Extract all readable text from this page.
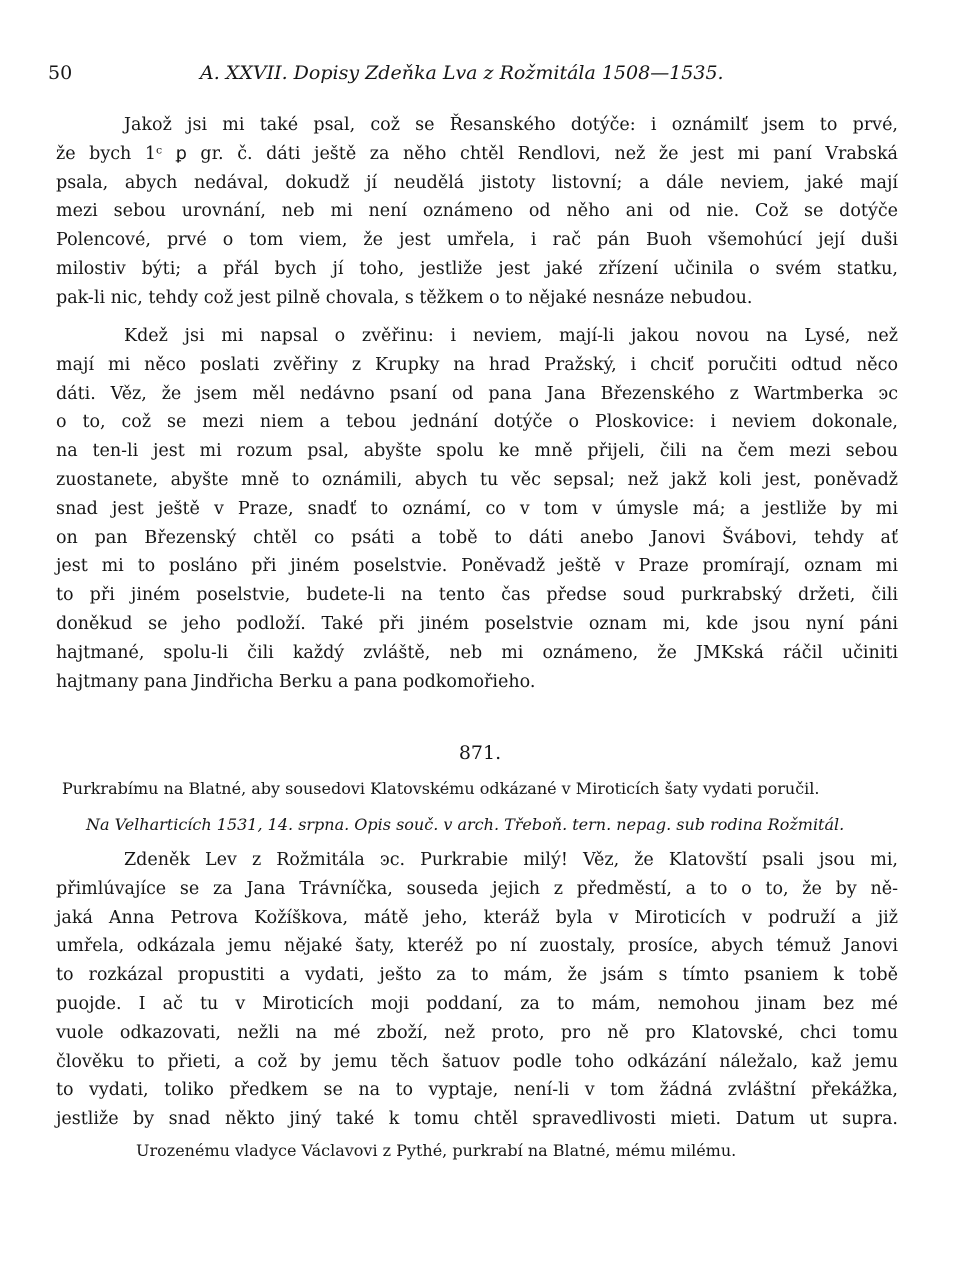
50	A. XXVII. Dopisy Zdeňka Lva z Rožmitála 1508—1535.
Jakož jsi mi také psal, což se Řesanského dotýče: i oznámilť jsem to prvé,
že bych 1ᶜ ꝑ gr. č. dáti ještě za něho chtěl Rendlovi, než že jest mi paní Vrabská
psala, abych nedával, dokudž jí neudělá jistoty listovní; a dále neviem, jaké mají
mezi sebou urovnání, neb mi není oznámeno od něho ani od nie. Což se dotýče
Polencové, prvé o tom viem, že jest umřela, i rač pán Buoh všemohúcí její duši
milostiv býti; a přál bych jí toho, jestliže jest jaké zřízení učinila o svém statku,
pak-li nic, tehdy což jest pilně chovala, s těžkem o to nějaké nesnáze nebudou.
Kdež jsi mi napsal o zvěřinu: i neviem, mají-li jakou novou na Lysé, než
mají mi něco poslati zvěřiny z Krupky na hrad Pražský, i chciť poručiti odtud něco
dáti. Věz, že jsem měl nedávno psaní od pana Jana Březenského z Wartmberka ꜿc
o to, což se mezi niem a tebou jednání dotýče o Ploskovice: i neviem dokonale,
na ten-li jest mi rozum psal, abyšte spolu ke mně přijeli, čili na čem mezi sebou
zuostanete, abyšte mně to oznámili, abych tu věc sepsal; než jakž koli jest, poněvadž
snad jest ještě v Praze, snadť to oznámí, co v tom v úmysle má; a jestliže by mi
on pan Březenský chtěl co psáti a tobě to dáti anebo Janovi Švábovi, tehdy ať
jest mi to posláno při jiném poselstvie. Poněvadž ještě v Praze promírají, oznam mi
to při jiném poselstvie, budete-li na tento čas předse soud purkrabský držeti, čili
doněkud se jeho podloží. Také při jiném poselstvie oznam mi, kde jsou nyní páni
hajtmané, spolu-li čili každý zvláště, neb mi oznámeno, že JMKská ráčil učiniti
hajtmany pana Jindřicha Berku a pana podkomořieho.
871.
Purkrabímu na Blatné, aby sousedovi Klatovskému odkázané v Miroticích šaty vydati poručil.
Na Velharticích 1531, 14. srpna. Opis souč. v arch. Třeboň. tern. nepag. sub rodina Rožmitál.
Zdeněk Lev z Rožmitála ꜿc. Purkrabie milý! Věz, že Klatovští psali jsou mi,
přimlúvajíce se za Jana Trávníčka, souseda jejich z předměstí, a to o to, že by ně-
jaká Anna Petrova Kožíškova, mátě jeho, kteráž byla v Miroticích v podruží a již
umřela, odkázala jemu nějaké šaty, kteréž po ní zuostaly, prosíce, abych témuž Janovi
to rozkázal propustiti a vydati, ješto za to mám, že jsám s tímto psaniem k tobě
puojde. I ač tu v Miroticích moji poddaní, za to mám, nemohou jinam bez mé
vuole odkazovati, nežli na mé zboží, než proto, pro ně pro Klatovské, chci tomu
člověku to přieti, a což by jemu těch šatuov podle toho odkázání náležalo, kaž jemu
to vydati, toliko předkem se na to vyptaje, není-li v tom žádná zvláštní překážka,
jestliže by snad někto jiný také k tomu chtěl spravedlivosti mieti. Datum ut supra.
Urozenému vladyce Václavovi z Pythé, purkrabí na Blatné, mému milému.
